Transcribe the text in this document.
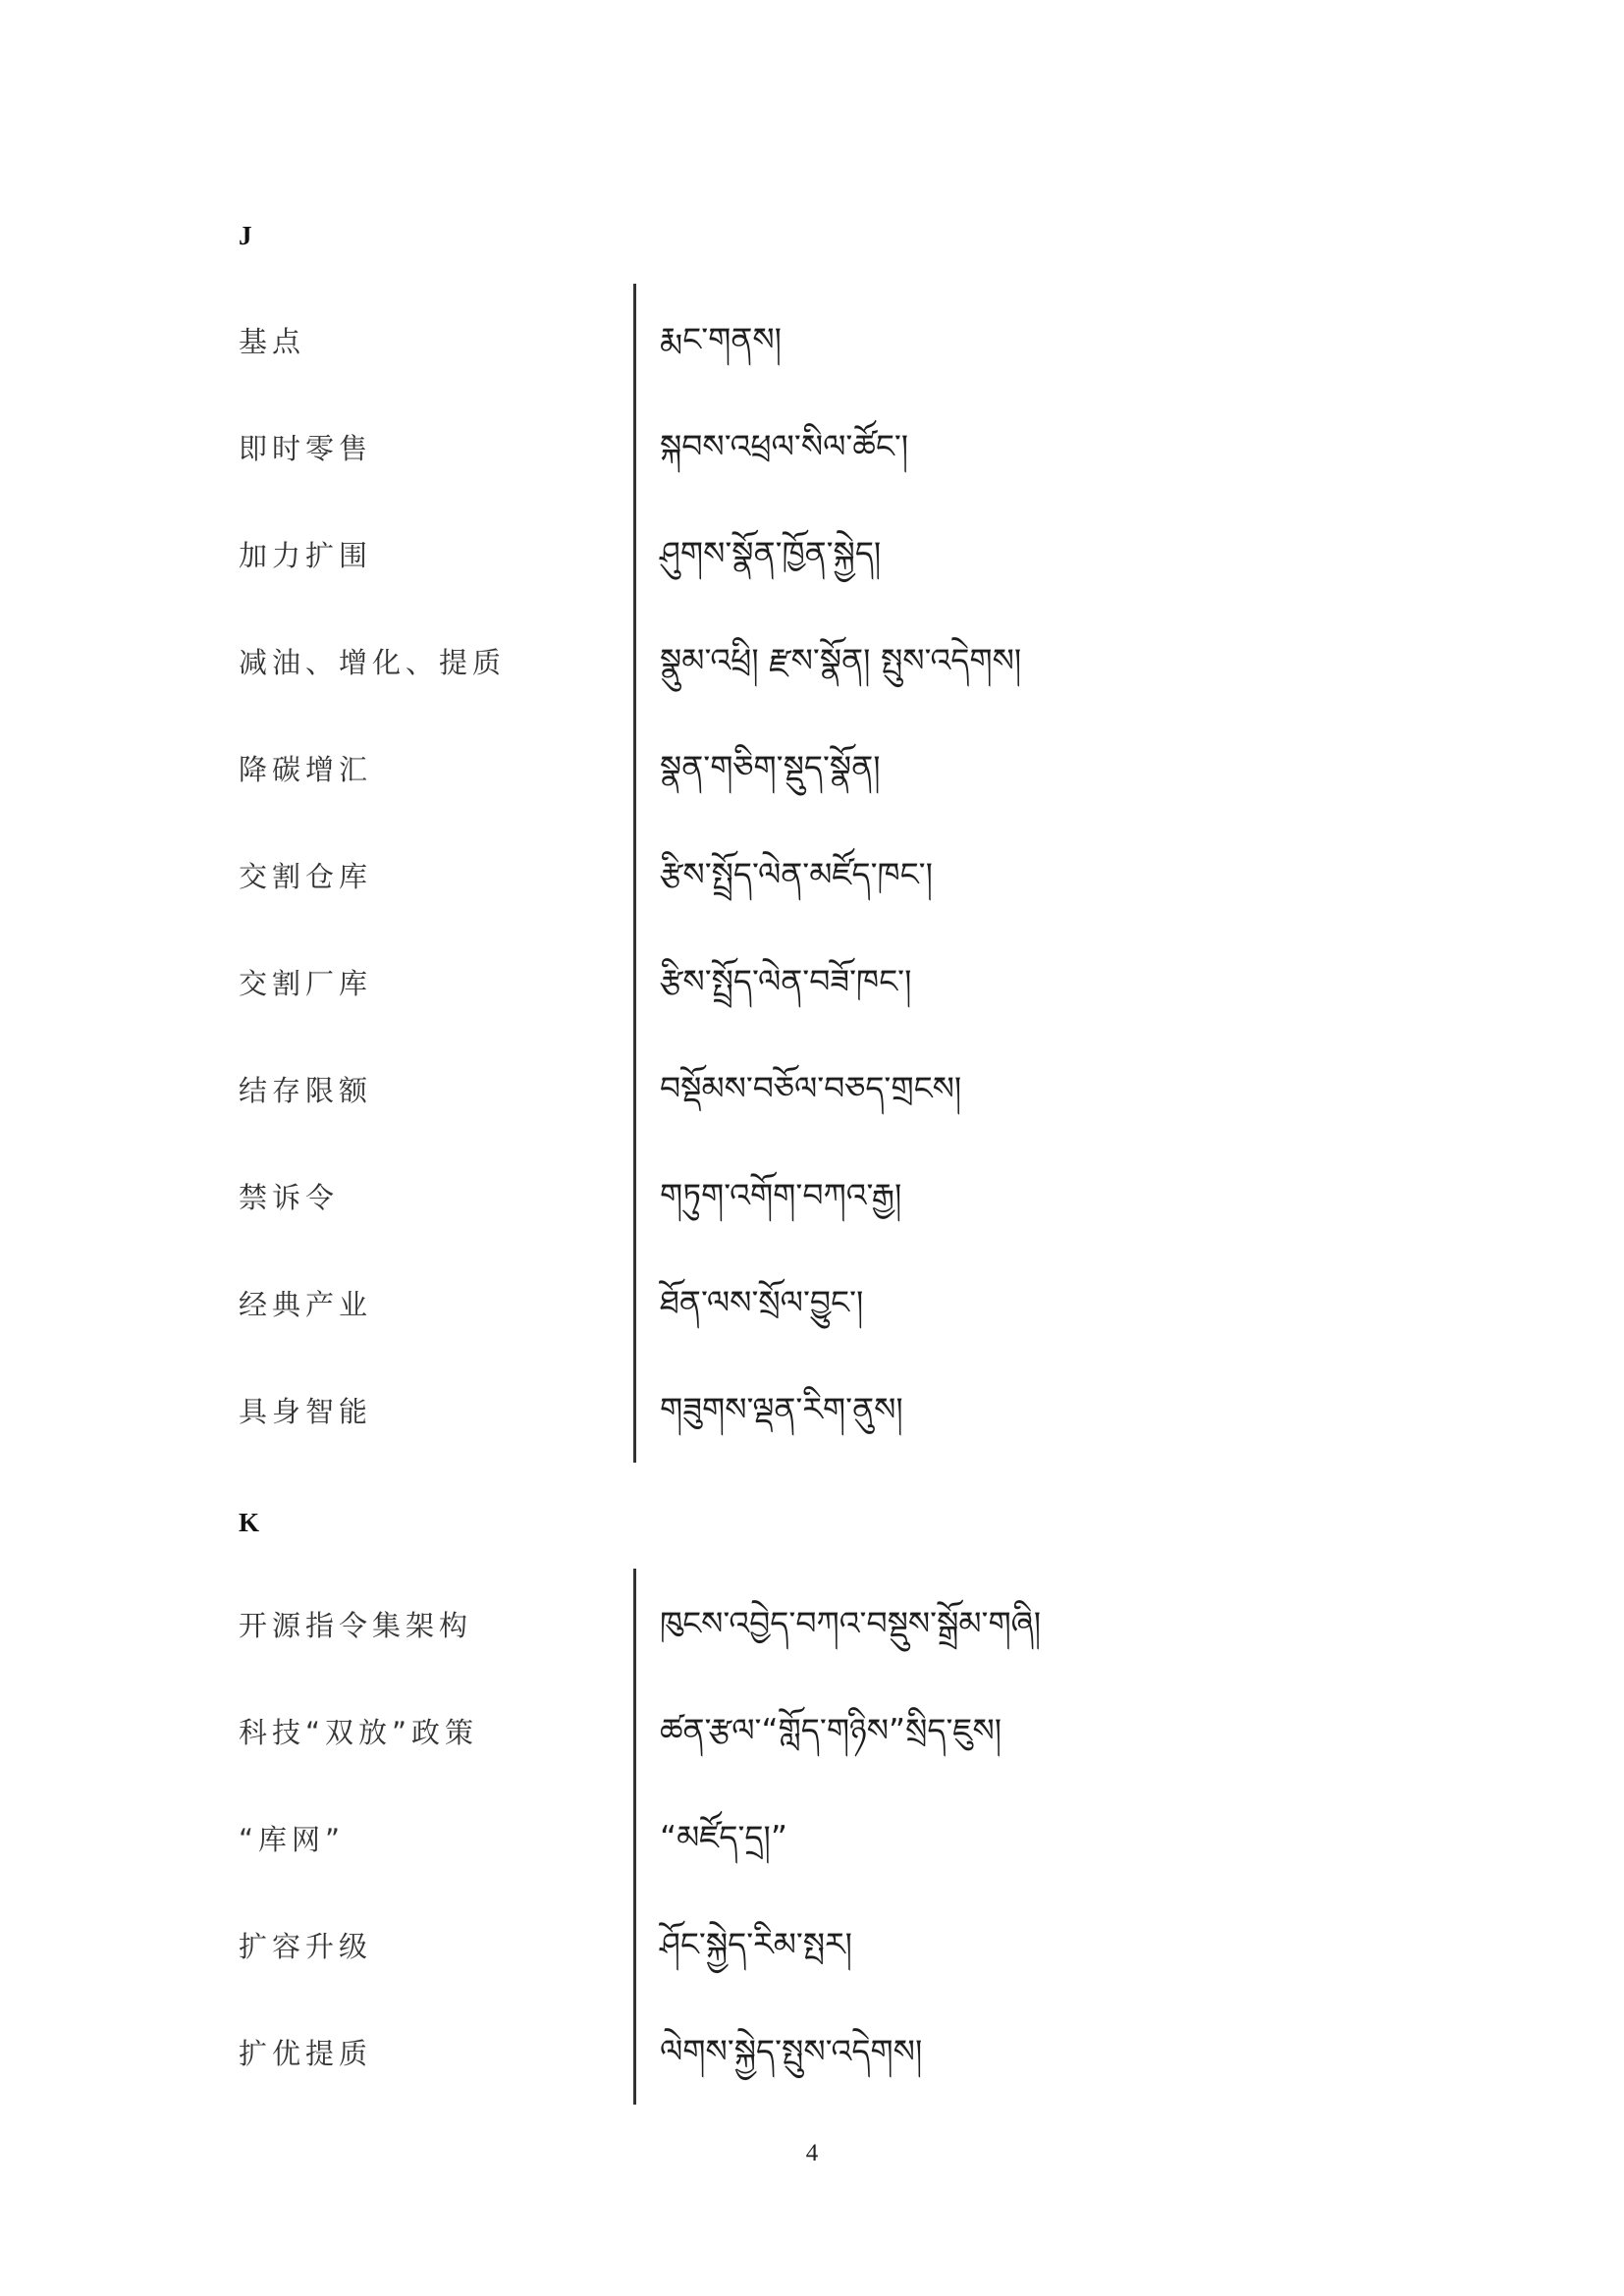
J
基点	རྨང་གནས།
即时零售	སྐབས་འཕྲལ་སིལ་ཚོང་།
加力扩围	ཤུགས་སྣོན་ཁྱོན་སྐྱེད།
减油、增化、提质	སྣུམ་འཕྲི། རྫས་སྣོན། སྤུས་འདེགས།
降碳增汇	སྣན་གཅིག་སྡུད་སྣོན།
交割仓库	རྩིས་སྤྲོད་ལེན་མཛོད་ཁང་།
交割厂库	རྩིས་སྤྲོད་ལེན་བཟོ་ཁང་།
结存限额	བསྡོམས་བཅོལ་བཅད་གྲངས།
禁诉令	གཏུག་འགོག་བཀའ་རྒྱ།
经典产业	ཐོན་ལས་སྲོལ་བྱུང་།
具身智能	གཟུགས་ལྡན་རིག་ནུས།
K
开源指令集架构	ཁུངས་འབྱེད་བཀའ་བསྡུས་སྒྲོམ་གཞི།
科技“双放”政策	ཚན་རྩལ་“གློད་གཉིས”སྲིད་ཇུས།
“库网”	“མཛོད་དྲ།”
扩容升级	ཤོང་སྐྱེད་རིམ་སྤར།
扩优提质	ལེགས་སྐྱེད་སྤུས་འདེགས།
4
